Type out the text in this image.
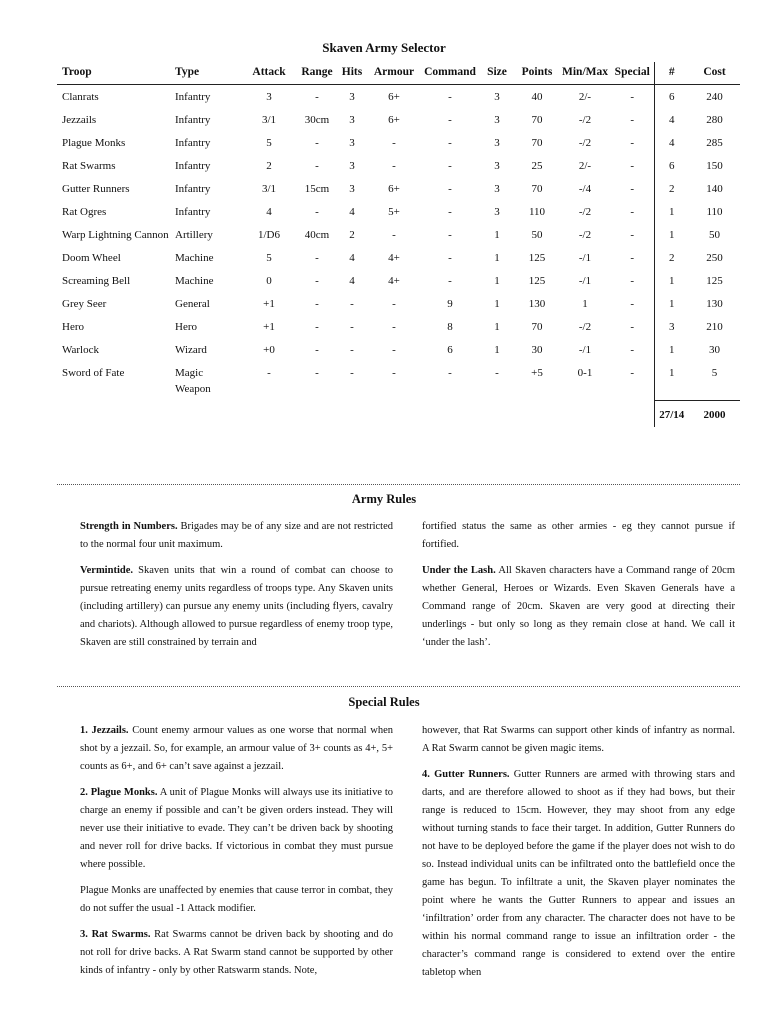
Skaven Army Selector
Troop	Type	Attack	Range	Hits	Armour	Command	Size	Points	Min/Max	Special	#	Cost
Clanrats	Infantry	3	-	3	6+	-	3	40	2/-	-	6	240
Jezzails	Infantry	3/1	30cm	3	6+	-	3	70	-/2	-	4	280
Plague Monks	Infantry	5	-	3	-	-	3	70	-/2	-	4	285
Rat Swarms	Infantry	2	-	3	-	-	3	25	2/-	-	6	150
Gutter Runners	Infantry	3/1	15cm	3	6+	-	3	70	-/4	-	2	140
Rat Ogres	Infantry	4	-	4	5+	-	3	110	-/2	-	1	110
Warp Lightning Cannon	Artillery	1/D6	40cm	2	-	-	1	50	-/2	-	1	50
Doom Wheel	Machine	5	-	4	4+	-	1	125	-/1	-	2	250
Screaming Bell	Machine	0	-	4	4+	-	1	125	-/1	-	1	125
Grey Seer	General	+1	-	-	-	9	1	130	1	-	1	130
Hero	Hero	+1	-	-	-	8	1	70	-/2	-	3	210
Warlock	Wizard	+0	-	-	-	6	1	30	-/1	-	1	30
Sword of Fate	Magic Weapon	-	-	-	-	-	-	+5	0-1	-	1	5
											27/14	2000
Army Rules

Strength in Numbers. Brigades may be of any size and are not restricted to the normal four unit maximum.

Vermintide. Skaven units that win a round of combat can choose to pursue retreating enemy units regardless of troops type. Any Skaven units (including artillery) can pursue any enemy units (including flyers, cavalry and chariots). Although allowed to pursue regardless of enemy troop type, Skaven are still constrained by terrain and

fortified status the same as other armies - eg they cannot pursue if fortified.

Under the Lash. All Skaven characters have a Command range of 20cm whether General, Heroes or Wizards. Even Skaven Generals have a Command range of 20cm. Skaven are very good at directing their underlings - but only so long as they remain close at hand. We call it ‘under the lash’.

Special Rules

1. Jezzails. Count enemy armour values as one worse that normal when shot by a jezzail. So, for example, an armour value of 3+ counts as 4+, 5+ counts as 6+, and 6+ can’t save against a jezzail.

2. Plague Monks. A unit of Plague Monks will always use its initiative to charge an enemy if possible and can’t be given orders instead. They will never use their initiative to evade. They can’t be driven back by shooting and never roll for drive backs. If victorious in combat they must pursue where possible.

Plague Monks are unaffected by enemies that cause terror in combat, they do not suffer the usual -1 Attack modifier.

3. Rat Swarms. Rat Swarms cannot be driven back by shooting and do not roll for drive backs. A Rat Swarm stand cannot be supported by other kinds of infantry - only by other Ratswarm stands. Note,

however, that Rat Swarms can support other kinds of infantry as normal. A Rat Swarm cannot be given magic items.

4. Gutter Runners. Gutter Runners are armed with throwing stars and darts, and are therefore allowed to shoot as if they had bows, but their range is reduced to 15cm. However, they may shoot from any edge without turning stands to face their target. In addition, Gutter Runners do not have to be deployed before the game if the player does not wish to do so. Instead individual units can be infiltrated onto the battlefield once the game has begun. To infiltrate a unit, the Skaven player nominates the point where he wants the Gutter Runners to appear and issues an ‘infiltration’ order from any character. The character does not have to be within his normal command range to issue an infiltration order - the character’s command range is considered to extend over the entire tabletop when
